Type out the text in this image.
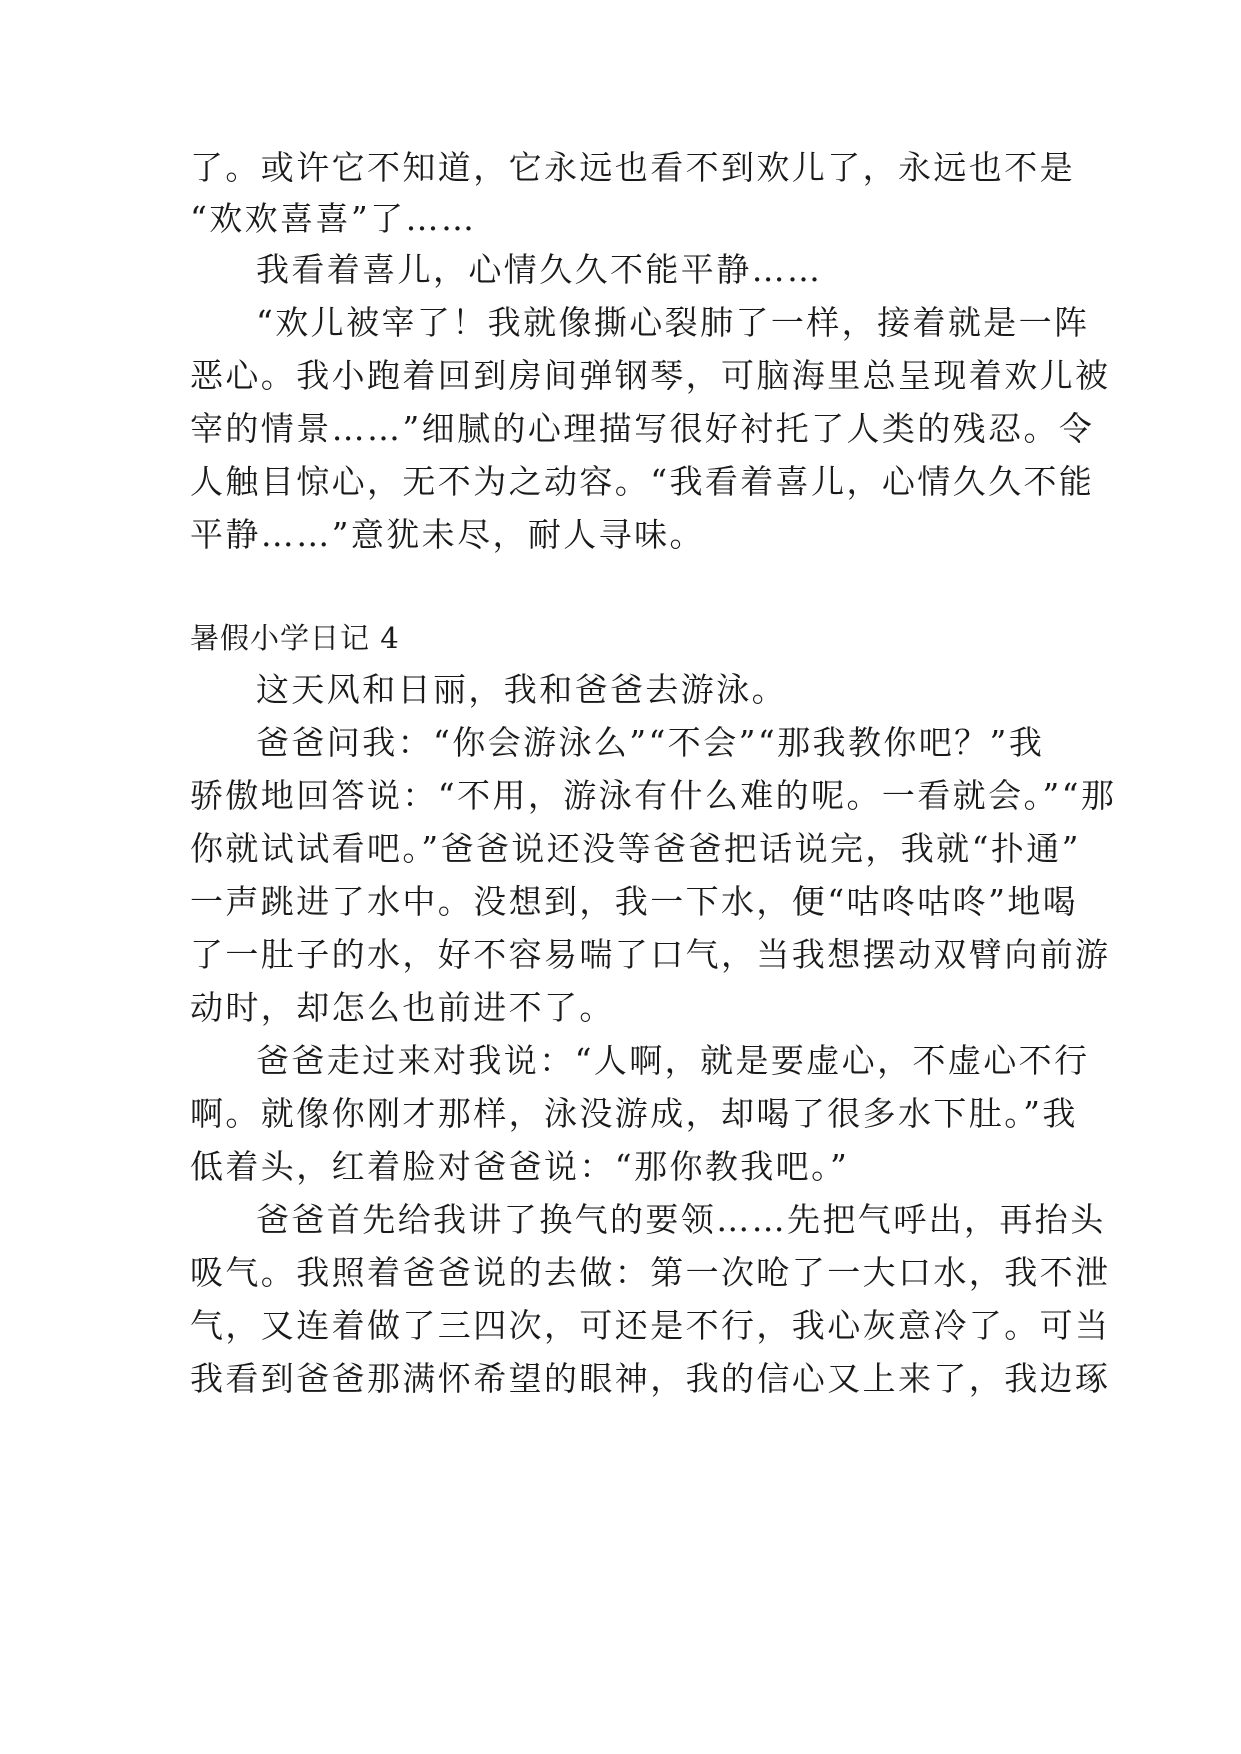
了。或许它不知道，它永远也看不到欢儿了，永远也不是
“欢欢喜喜”了……
我看着喜儿，心情久久不能平静……
“欢儿被宰了！我就像撕心裂肺了一样，接着就是一阵
恶心。我小跑着回到房间弹钢琴，可脑海里总呈现着欢儿被
宰的情景……”细腻的心理描写很好衬托了人类的残忍。令
人触目惊心，无不为之动容。“我看着喜儿，心情久久不能
平静……”意犹未尽，耐人寻味。
暑假小学日记 4
这天风和日丽，我和爸爸去游泳。
爸爸问我：“你会游泳么”“不会”“那我教你吧？”我
骄傲地回答说：“不用，游泳有什么难的呢。一看就会。”“那
你就试试看吧。”爸爸说还没等爸爸把话说完，我就“扑通”
一声跳进了水中。没想到，我一下水，便“咕咚咕咚”地喝
了一肚子的水，好不容易喘了口气，当我想摆动双臂向前游
动时，却怎么也前进不了。
爸爸走过来对我说：“人啊，就是要虚心，不虚心不行
啊。就像你刚才那样，泳没游成，却喝了很多水下肚。”我
低着头，红着脸对爸爸说：“那你教我吧。”
爸爸首先给我讲了换气的要领……先把气呼出，再抬头
吸气。我照着爸爸说的去做：第一次呛了一大口水，我不泄
气，又连着做了三四次，可还是不行，我心灰意冷了。可当
我看到爸爸那满怀希望的眼神，我的信心又上来了，我边琢
